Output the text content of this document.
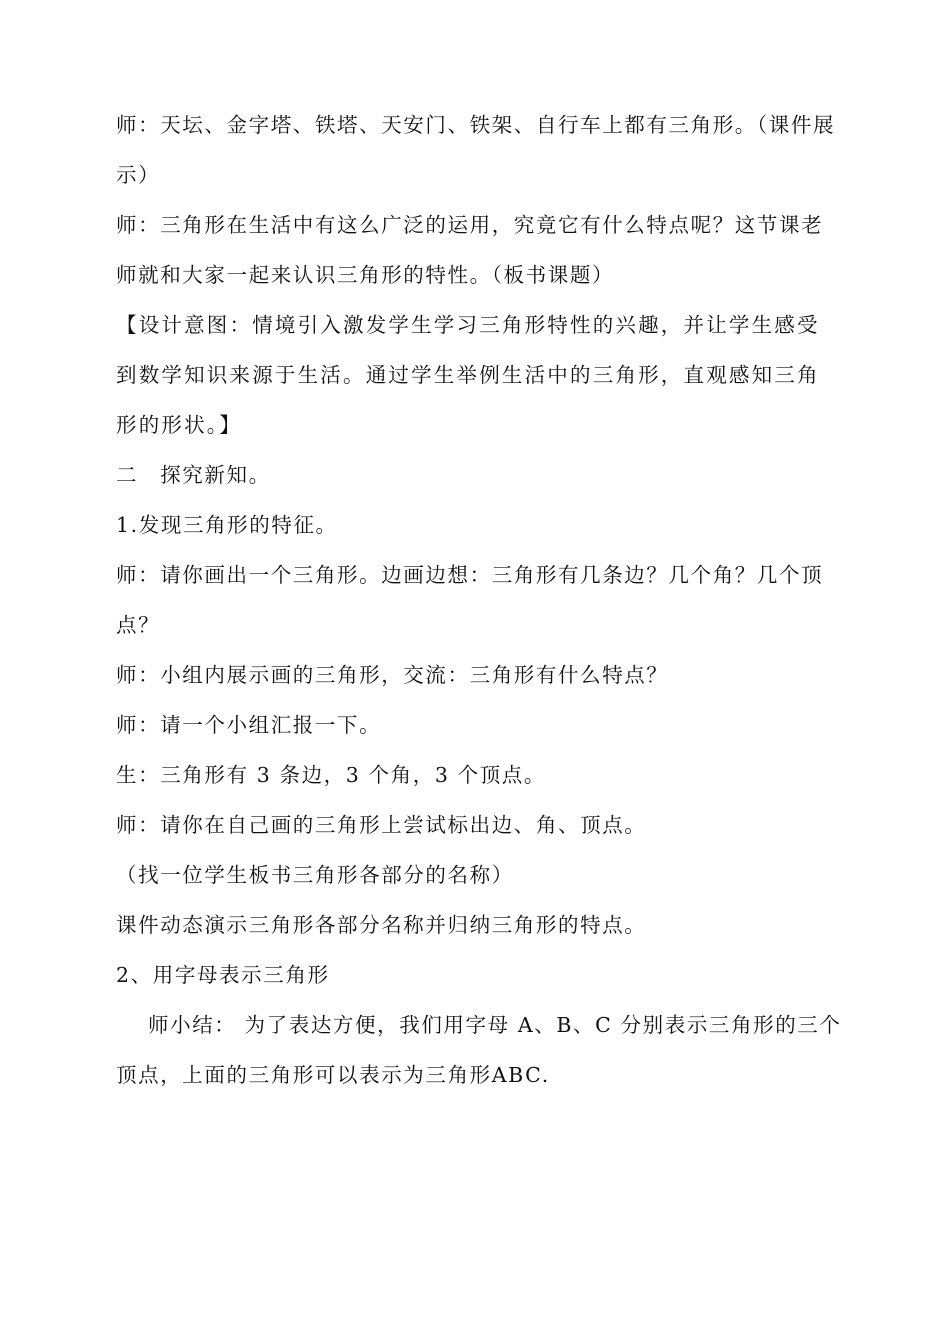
师：天坛、金字塔、铁塔、天安门、铁架、自行车上都有三角形。（课件展示）

师：三角形在生活中有这么广泛的运用，究竟它有什么特点呢？这节课老师就和大家一起来认识三角形的特性。（板书课题）

【设计意图：情境引入激发学生学习三角形特性的兴趣，并让学生感受到数学知识来源于生活。通过学生举例生活中的三角形，直观感知三角形的形状。】

二　探究新知。

1.发现三角形的特征。

师：请你画出一个三角形。边画边想：三角形有几条边？几个角？几个顶点？

师：小组内展示画的三角形，交流：三角形有什么特点？

师：请一个小组汇报一下。

生：三角形有 3 条边，3 个角，3 个顶点。

师：请你在自己画的三角形上尝试标出边、角、顶点。

（找一位学生板书三角形各部分的名称）

课件动态演示三角形各部分名称并归纳三角形的特点。

2、用字母表示三角形

师小结： 为了表达方便，我们用字母 A、B、C 分别表示三角形的三个顶点，上面的三角形可以表示为三角形ABC.
